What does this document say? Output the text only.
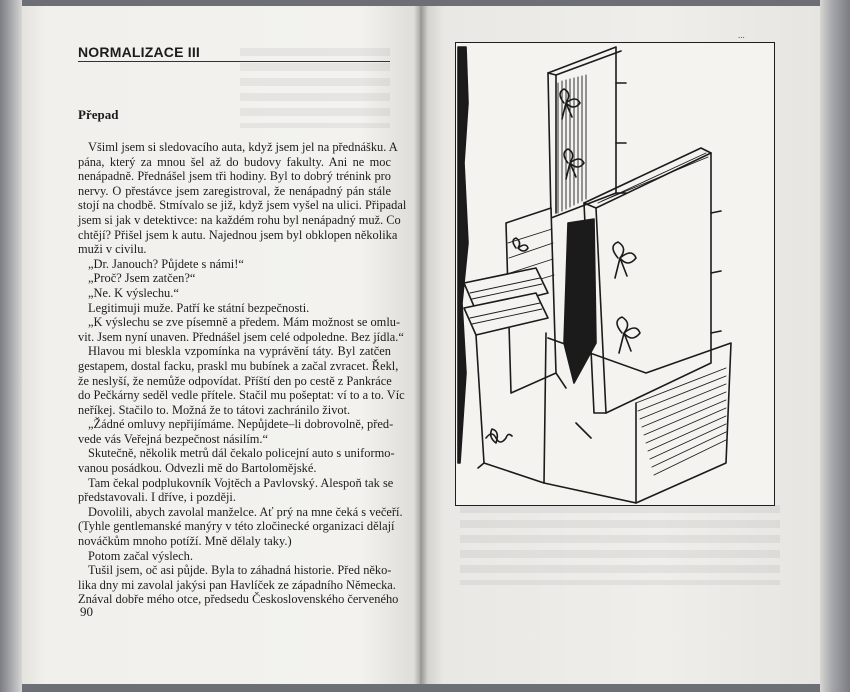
NORMALIZACE III
Přepad
Všiml jsem si sledovacího auta, když jsem jel na přednášku. A
pána, který za mnou šel až do budovy fakulty. Ani ne moc
nenápadně. Přednášel jsem tři hodiny. Byl to dobrý trénink pro
nervy. O přestávce jsem zaregistroval, že nenápadný pán stále
stojí na chodbě. Stmívalo se již, když jsem vyšel na ulici. Připadal
jsem si jak v detektivce: na každém rohu byl nenápadný muž. Co
chtějí? Přišel jsem k autu. Najednou jsem byl obklopen několika
muži v civilu.
„Dr. Janouch? Půjdete s námi!“
„Proč? Jsem zatčen?“
„Ne. K výslechu.“
Legitimuji muže. Patří ke státní bezpečnosti.
„K výslechu se zve písemně a předem. Mám možnost se omlu-
vit. Jsem nyní unaven. Přednášel jsem celé odpoledne. Bez jídla.“
Hlavou mi bleskla vzpomínka na vyprávění táty. Byl zatčen
gestapem, dostal facku, praskl mu bubínek a začal zvracet. Řekl,
že neslyší, že nemůže odpovídat. Příští den po cestě z Pankráce
do Pečkárny seděl vedle přítele. Stačil mu pošeptat: ví to a to. Víc
neříkej. Stačilo to. Možná že to tátovi zachránilo život.
„Žádné omluvy nepřijímáme. Nepůjdete–li dobrovolně, před-
vede vás Veřejná bezpečnost násilím.“
Skutečně, několik metrů dál čekalo policejní auto s uniformo-
vanou posádkou. Odvezli mě do Bartolomějské.
Tam čekal podplukovník Vojtěch a Pavlovský. Alespoň tak se
představovali. I dříve, i později.
Dovolili, abych zavolal manželce. Ať prý na mne čeká s večeří.
(Tyhle gentlemanské manýry v této zločinecké organizaci dělají
nováčkům mnoho potíží. Mně dělaly taky.)
Potom začal výslech.
Tušil jsem, oč asi půjde. Byla to záhadná historie. Před něko-
lika dny mi zavolal jakýsi pan Havlíček ze západního Německa.
Znával dobře mého otce, předsedu Československého červeného
90
...
